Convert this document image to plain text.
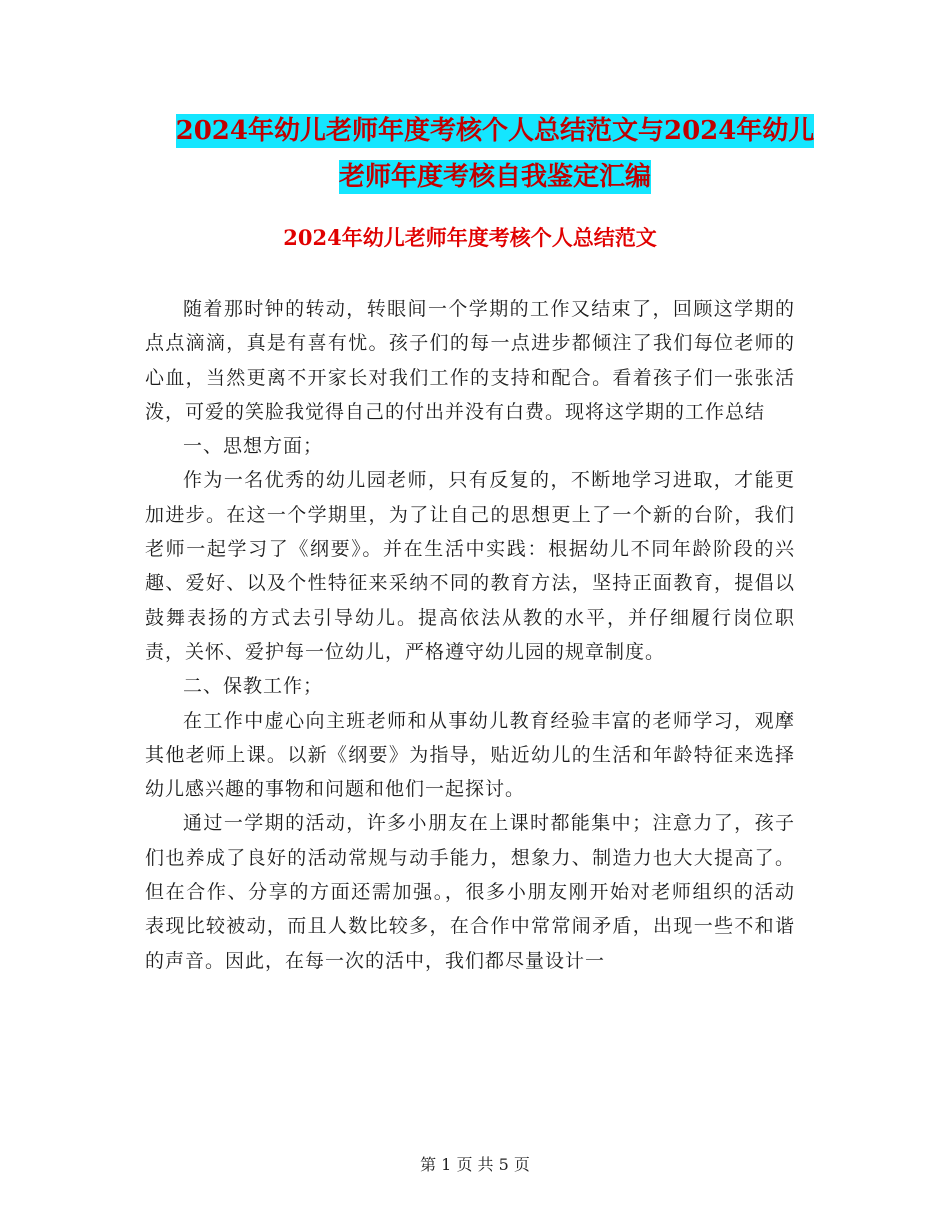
2024年幼儿老师年度考核个人总结范文与2024年幼儿
老师年度考核自我鉴定汇编
2024年幼儿老师年度考核个人总结范文

随着那时钟的转动，转眼间一个学期的工作又结束了，回顾这学期的点点滴滴，真是有喜有忧。孩子们的每一点进步都倾注了我们每位老师的心血，当然更离不开家长对我们工作的支持和配合。看着孩子们一张张活泼，可爱的笑脸我觉得自己的付出并没有白费。现将这学期的工作总结

一、思想方面；

作为一名优秀的幼儿园老师，只有反复的，不断地学习进取，才能更加进步。在这一个学期里，为了让自己的思想更上了一个新的台阶，我们老师一起学习了《纲要》。并在生活中实践：根据幼儿不同年龄阶段的兴趣、爱好、以及个性特征来采纳不同的教育方法，坚持正面教育，提倡以鼓舞表扬的方式去引导幼儿。提高依法从教的水平，并仔细履行岗位职责，关怀、爱护每一位幼儿，严格遵守幼儿园的规章制度。

二、保教工作；

在工作中虚心向主班老师和从事幼儿教育经验丰富的老师学习，观摩其他老师上课。以新《纲要》为指导，贴近幼儿的生活和年龄特征来选择幼儿感兴趣的事物和问题和他们一起探讨。

通过一学期的活动，许多小朋友在上课时都能集中；注意力了，孩子们也养成了良好的活动常规与动手能力，想象力、制造力也大大提高了。但在合作、分享的方面还需加强。，很多小朋友刚开始对老师组织的活动表现比较被动，而且人数比较多，在合作中常常闹矛盾，出现一些不和谐的声音。因此，在每一次的活中，我们都尽量设计一

第 1 页 共 5 页
